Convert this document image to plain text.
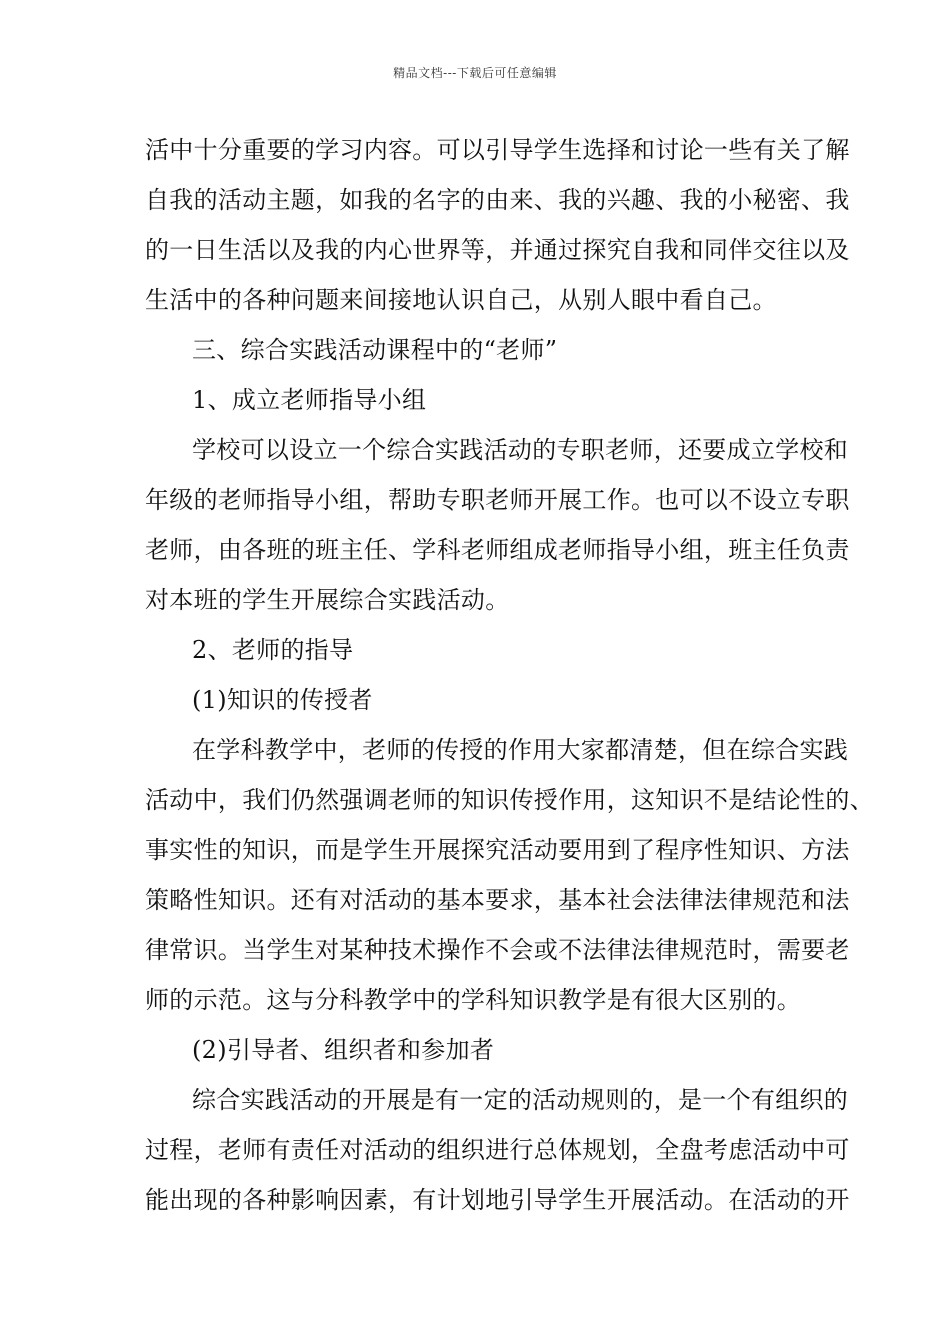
精品文档---下载后可任意编辑
活中十分重要的学习内容。可以引导学生选择和讨论一些有关了解
自我的活动主题，如我的名字的由来、我的兴趣、我的小秘密、我
的一日生活以及我的内心世界等，并通过探究自我和同伴交往以及
生活中的各种问题来间接地认识自己，从别人眼中看自己。
三、综合实践活动课程中的“老师”
1、成立老师指导小组
学校可以设立一个综合实践活动的专职老师，还要成立学校和
年级的老师指导小组，帮助专职老师开展工作。也可以不设立专职
老师，由各班的班主任、学科老师组成老师指导小组，班主任负责
对本班的学生开展综合实践活动。
2、老师的指导
(1)知识的传授者
在学科教学中，老师的传授的作用大家都清楚，但在综合实践
活动中，我们仍然强调老师的知识传授作用，这知识不是结论性的、
事实性的知识，而是学生开展探究活动要用到了程序性知识、方法
策略性知识。还有对活动的基本要求，基本社会法律法律规范和法
律常识。当学生对某种技术操作不会或不法律法律规范时，需要老
师的示范。这与分科教学中的学科知识教学是有很大区别的。
(2)引导者、组织者和参加者
综合实践活动的开展是有一定的活动规则的，是一个有组织的
过程，老师有责任对活动的组织进行总体规划，全盘考虑活动中可
能出现的各种影响因素，有计划地引导学生开展活动。在活动的开
